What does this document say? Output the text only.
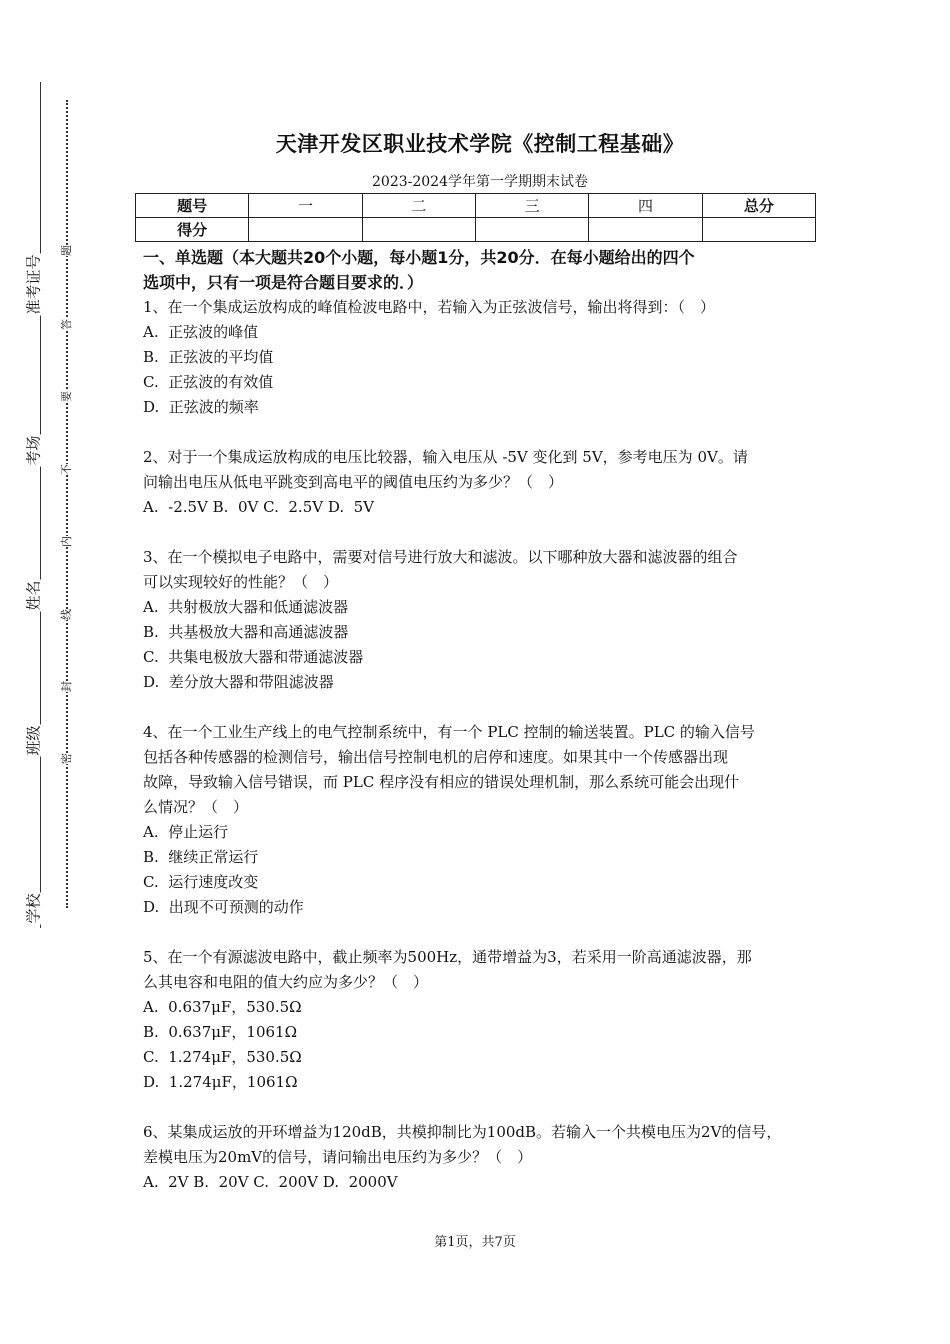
准考证号
考场
姓名
班级
学校
题
答
要
不
内
线
封
密
天津开发区职业技术学院《控制工程基础》
2023-2024学年第一学期期末试卷
题号	一	二	三	四	总分
得分					
一、单选题（本大题共20个小题，每小题1分，共20分．在每小题给出的四个
选项中，只有一项是符合题目要求的．）
1、在一个集成运放构成的峰值检波电路中，若输入为正弦波信号，输出将得到：（　）
A.  正弦波的峰值
B.  正弦波的平均值
C.  正弦波的有效值
D.  正弦波的频率
2、对于一个集成运放构成的电压比较器，输入电压从 -5V 变化到 5V，参考电压为 0V。请
问输出电压从低电平跳变到高电平的阈值电压约为多少？（　）
A.  -2.5V B.  0V C.  2.5V D.  5V
3、在一个模拟电子电路中，需要对信号进行放大和滤波。以下哪种放大器和滤波器的组合
可以实现较好的性能？（　）
A.  共射极放大器和低通滤波器
B.  共基极放大器和高通滤波器
C.  共集电极放大器和带通滤波器
D.  差分放大器和带阻滤波器
4、在一个工业生产线上的电气控制系统中，有一个 PLC 控制的输送装置。PLC 的输入信号
包括各种传感器的检测信号，输出信号控制电机的启停和速度。如果其中一个传感器出现
故障，导致输入信号错误，而 PLC 程序没有相应的错误处理机制，那么系统可能会出现什
么情况？（　）
A.  停止运行
B.  继续正常运行
C.  运行速度改变
D.  出现不可预测的动作
5、在一个有源滤波电路中，截止频率为500Hz，通带增益为3，若采用一阶高通滤波器，那
么其电容和电阻的值大约应为多少？（　）
A.  0.637μF，530.5Ω
B.  0.637μF，1061Ω
C.  1.274μF，530.5Ω
D.  1.274μF，1061Ω
6、某集成运放的开环增益为120dB，共模抑制比为100dB。若输入一个共模电压为2V的信号，
差模电压为20mV的信号，请问输出电压约为多少？（　）
A.  2V B.  20V C.  200V D.  2000V
第1页，共7页
